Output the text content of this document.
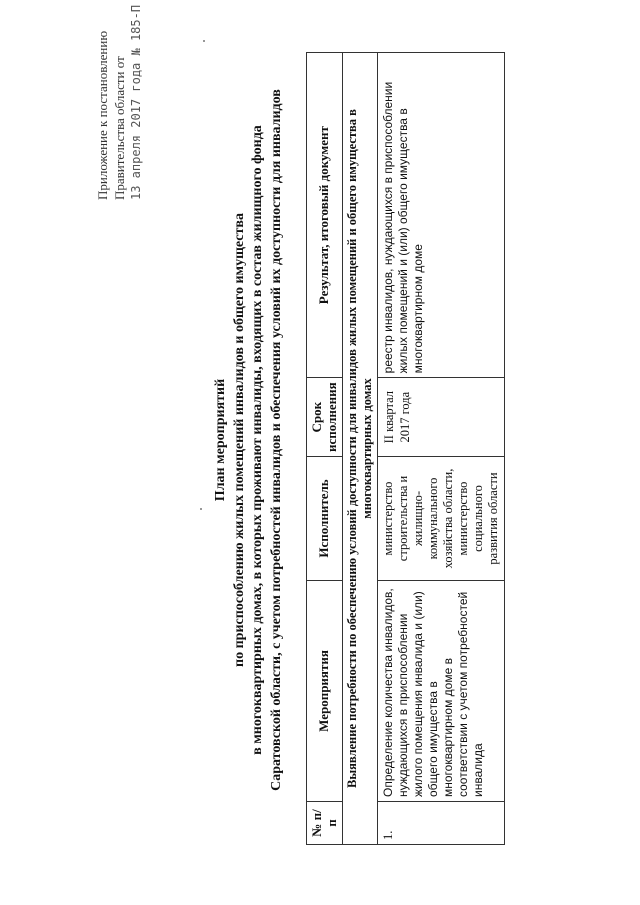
Приложение к постановлению Правительства области от 13 апреля 2017 года № 185-П
План мероприятий по приспособлению жилых помещений инвалидов и общего имущества в многоквартирных домах, в которых проживают инвалиды, входящих в состав жилищного фонда Саратовской области, с учетом потребностей инвалидов и обеспечения условий их доступности для инвалидов
№ п/п	Мероприятия	Исполнитель	Срок исполнения	Результат, итоговый документ
Выявление потребности по обеспечению условий доступности для инвалидов жилых помещений и общего имущества в многоквартирных домах				
1.	Определение количества инвалидов, нуждающихся в приспособлении жилого помещения инвалида и (или) общего имущества в многоквартирном доме в соответствии с учетом потребностей инвалида	министерство строительства и жилищно-коммунального хозяйства области, министерство социального развития области	II квартал 2017 года	реестр инвалидов, нуждающихся в приспособлении жилых помещений и (или) общего имущества в многоквартирном доме
